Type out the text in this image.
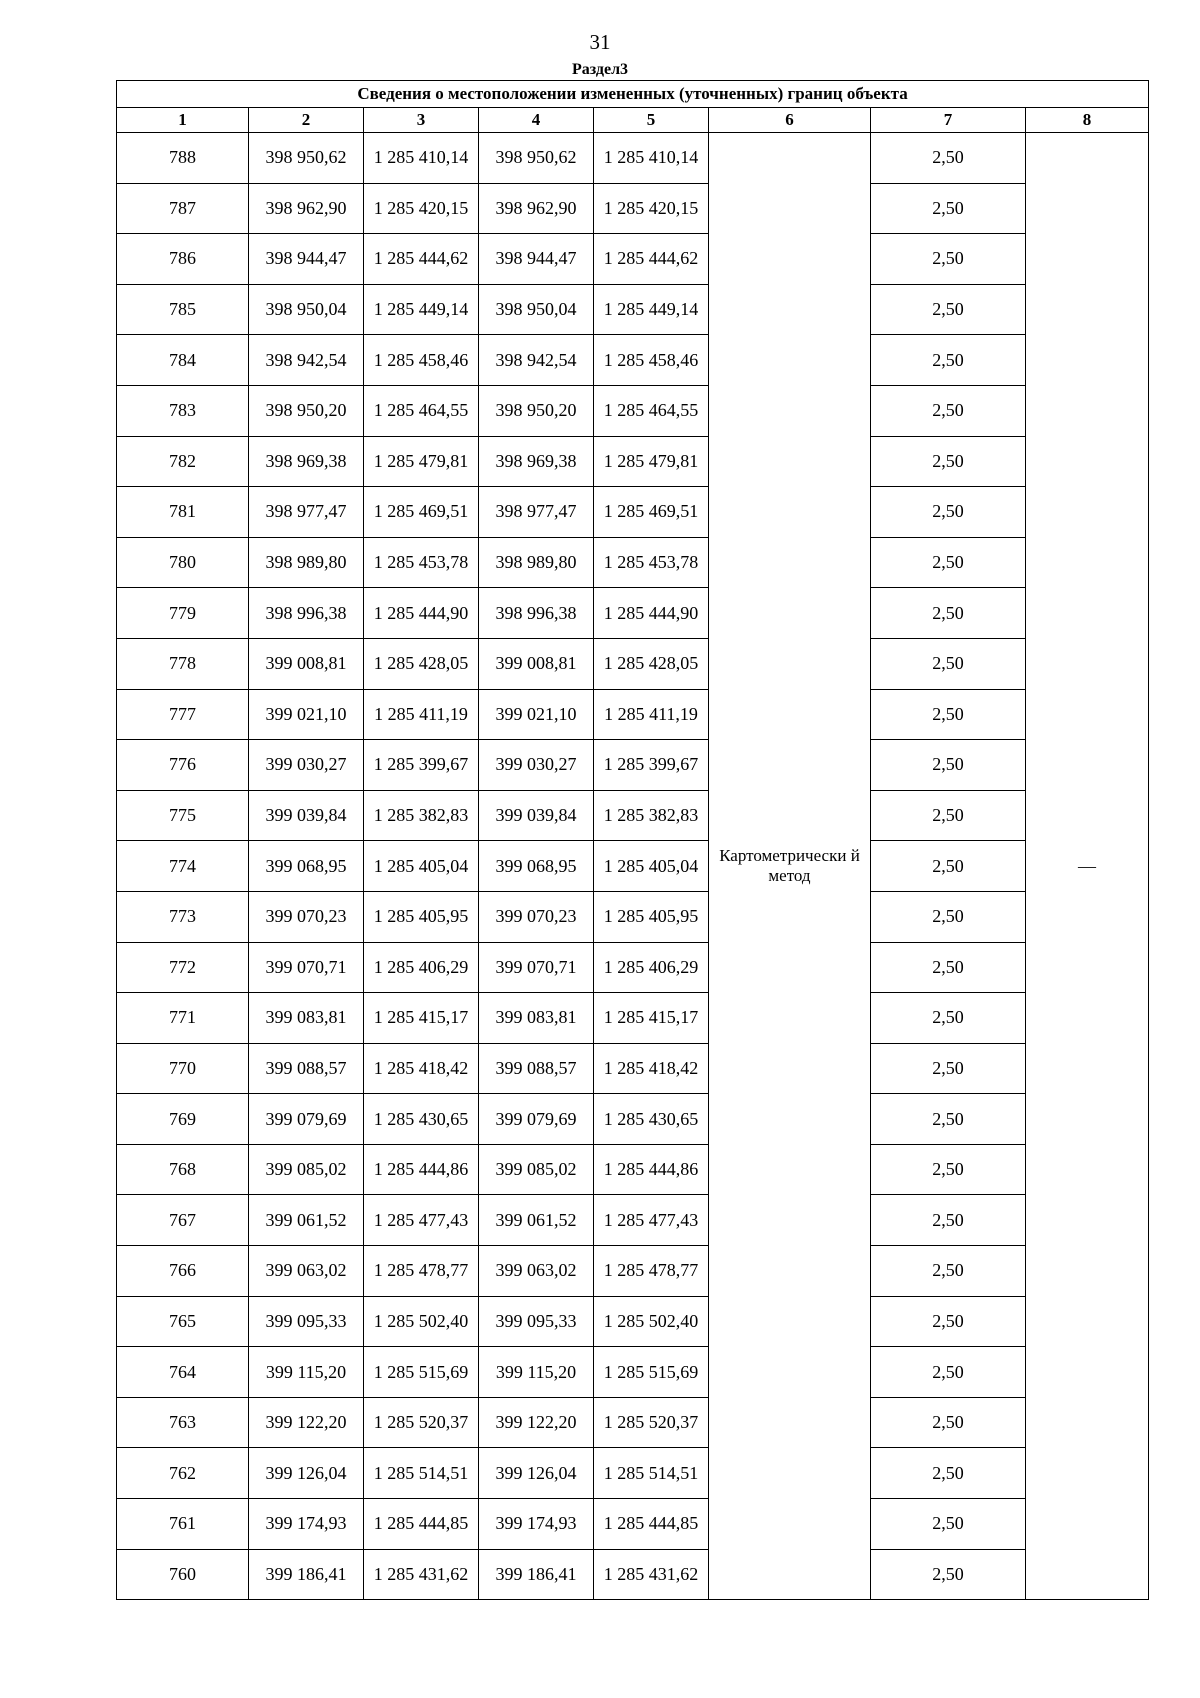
31
Раздел3
Сведения о местоположении измененных (уточненных) границ объекта							
1	2	3	4	5	6	7	8
788	398 950,62	1 285 410,14	398 950,62	1 285 410,14	Картометрически й метод	2,50	—
787	398 962,90	1 285 420,15	398 962,90	1 285 420,15		2,50	
786	398 944,47	1 285 444,62	398 944,47	1 285 444,62		2,50	
785	398 950,04	1 285 449,14	398 950,04	1 285 449,14		2,50	
784	398 942,54	1 285 458,46	398 942,54	1 285 458,46		2,50	
783	398 950,20	1 285 464,55	398 950,20	1 285 464,55		2,50	
782	398 969,38	1 285 479,81	398 969,38	1 285 479,81		2,50	
781	398 977,47	1 285 469,51	398 977,47	1 285 469,51		2,50	
780	398 989,80	1 285 453,78	398 989,80	1 285 453,78		2,50	
779	398 996,38	1 285 444,90	398 996,38	1 285 444,90		2,50	
778	399 008,81	1 285 428,05	399 008,81	1 285 428,05		2,50	
777	399 021,10	1 285 411,19	399 021,10	1 285 411,19		2,50	
776	399 030,27	1 285 399,67	399 030,27	1 285 399,67		2,50	
775	399 039,84	1 285 382,83	399 039,84	1 285 382,83		2,50	
774	399 068,95	1 285 405,04	399 068,95	1 285 405,04		2,50	
773	399 070,23	1 285 405,95	399 070,23	1 285 405,95		2,50	
772	399 070,71	1 285 406,29	399 070,71	1 285 406,29		2,50	
771	399 083,81	1 285 415,17	399 083,81	1 285 415,17		2,50	
770	399 088,57	1 285 418,42	399 088,57	1 285 418,42		2,50	
769	399 079,69	1 285 430,65	399 079,69	1 285 430,65		2,50	
768	399 085,02	1 285 444,86	399 085,02	1 285 444,86		2,50	
767	399 061,52	1 285 477,43	399 061,52	1 285 477,43		2,50	
766	399 063,02	1 285 478,77	399 063,02	1 285 478,77		2,50	
765	399 095,33	1 285 502,40	399 095,33	1 285 502,40		2,50	
764	399 115,20	1 285 515,69	399 115,20	1 285 515,69		2,50	
763	399 122,20	1 285 520,37	399 122,20	1 285 520,37		2,50	
762	399 126,04	1 285 514,51	399 126,04	1 285 514,51		2,50	
761	399 174,93	1 285 444,85	399 174,93	1 285 444,85		2,50	
760	399 186,41	1 285 431,62	399 186,41	1 285 431,62		2,50	
